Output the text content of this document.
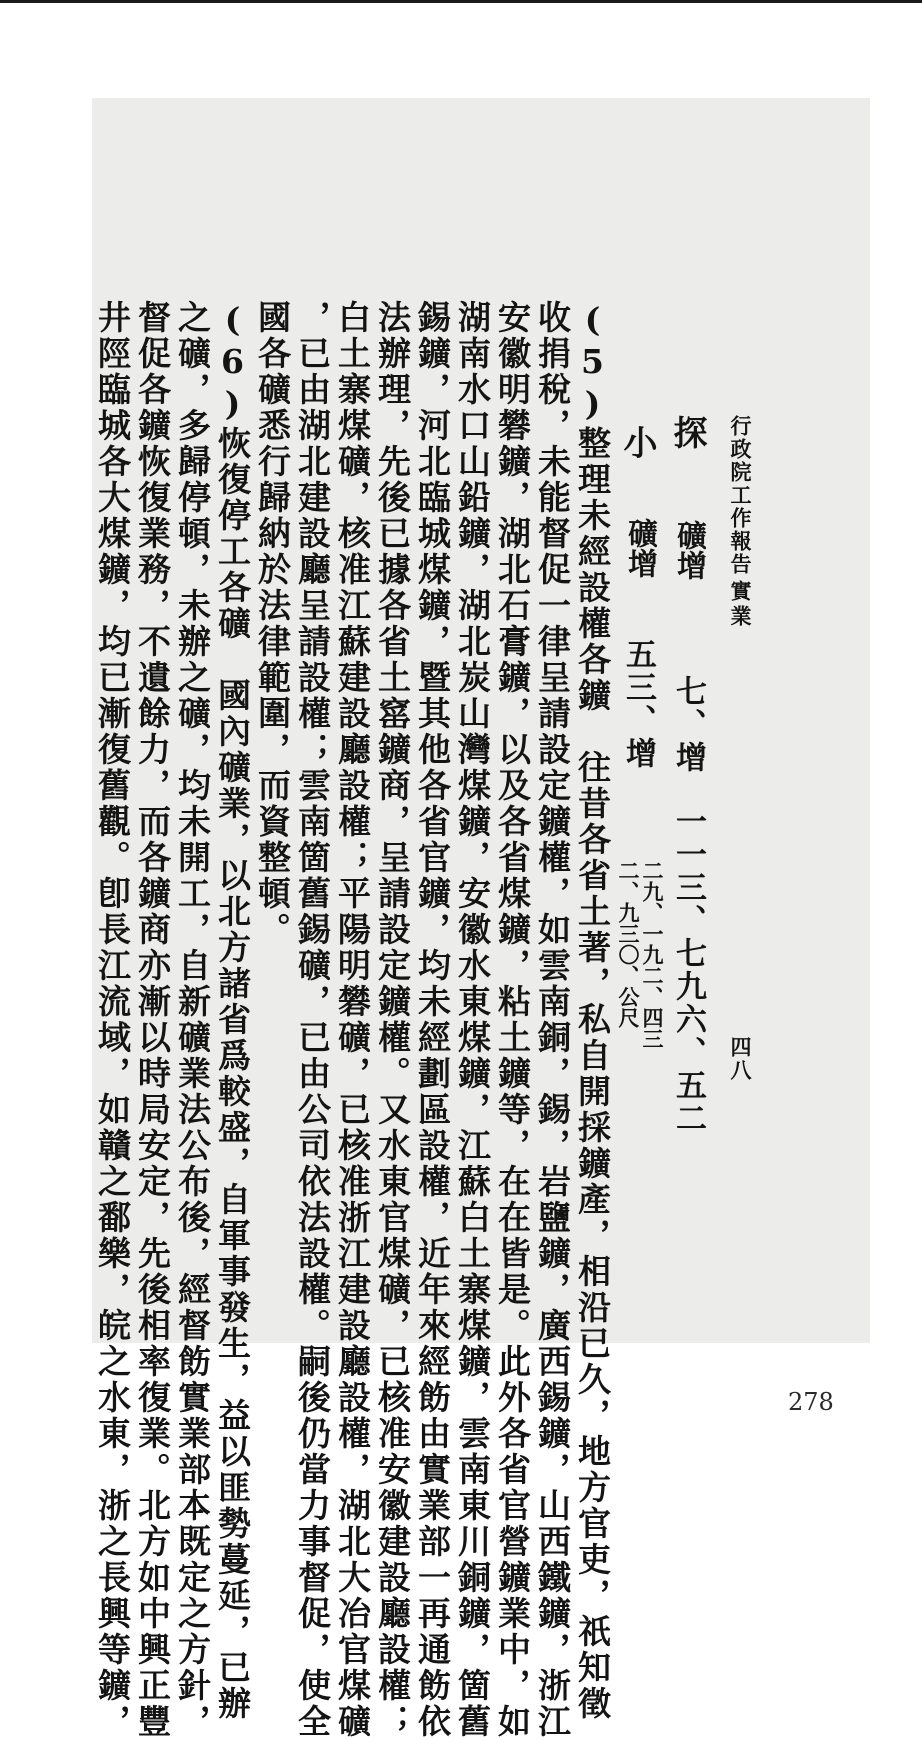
行政院工作報告
實業
四八
探
礦增
七、增
一一三、七九六、五二
小
礦增
五三、增
二九、一九二、四三
二、九三〇、公尺
(5)整理未經設權各鑛　往昔各省土著，私自開採鑛產，相沿已久，地方官吏，祇知徵
收捐稅，未能督促一律呈請設定鑛權，如雲南銅，錫，岩鹽鑛，廣西錫鑛，山西鐵鑛，浙江
安徽明礬鑛，湖北石膏鑛，以及各省煤鑛，粘土鑛等，在在皆是。此外各省官營鑛業中，如
湖南水口山鉛鑛，湖北炭山灣煤鑛，安徽水東煤鑛，江蘇白土寨煤鑛，雲南東川銅鑛，箇舊
錫鑛，河北臨城煤鑛，暨其他各省官鑛，均未經劃區設權，近年來經飭由實業部一再通飭依
法辦理，先後已據各省土窰鑛商，呈請設定鑛權。又水東官煤礦，已核准安徽建設廳設權；
白土寨煤礦，核准江蘇建設廳設權；平陽明礬礦，已核准浙江建設廳設權，湖北大冶官煤礦
，已由湖北建設廳呈請設權；雲南箇舊錫礦，已由公司依法設權。嗣後仍當力事督促，使全
國各礦悉行歸納於法律範圍，而資整頓。
(6)恢復停工各礦　國內礦業，以北方諸省爲較盛，自軍事發生，益以匪勢蔓延，已辦
之礦，多歸停頓，未辦之礦，均未開工，自新礦業法公布後，經督飭實業部本既定之方針，
督促各鑛恢復業務，不遺餘力，而各鑛商亦漸以時局安定，先後相率復業。北方如中興正豐
井陘臨城各大煤鑛，均已漸復舊觀。卽長江流域，如贛之鄱樂，皖之水東，浙之長興等鑛，	278
